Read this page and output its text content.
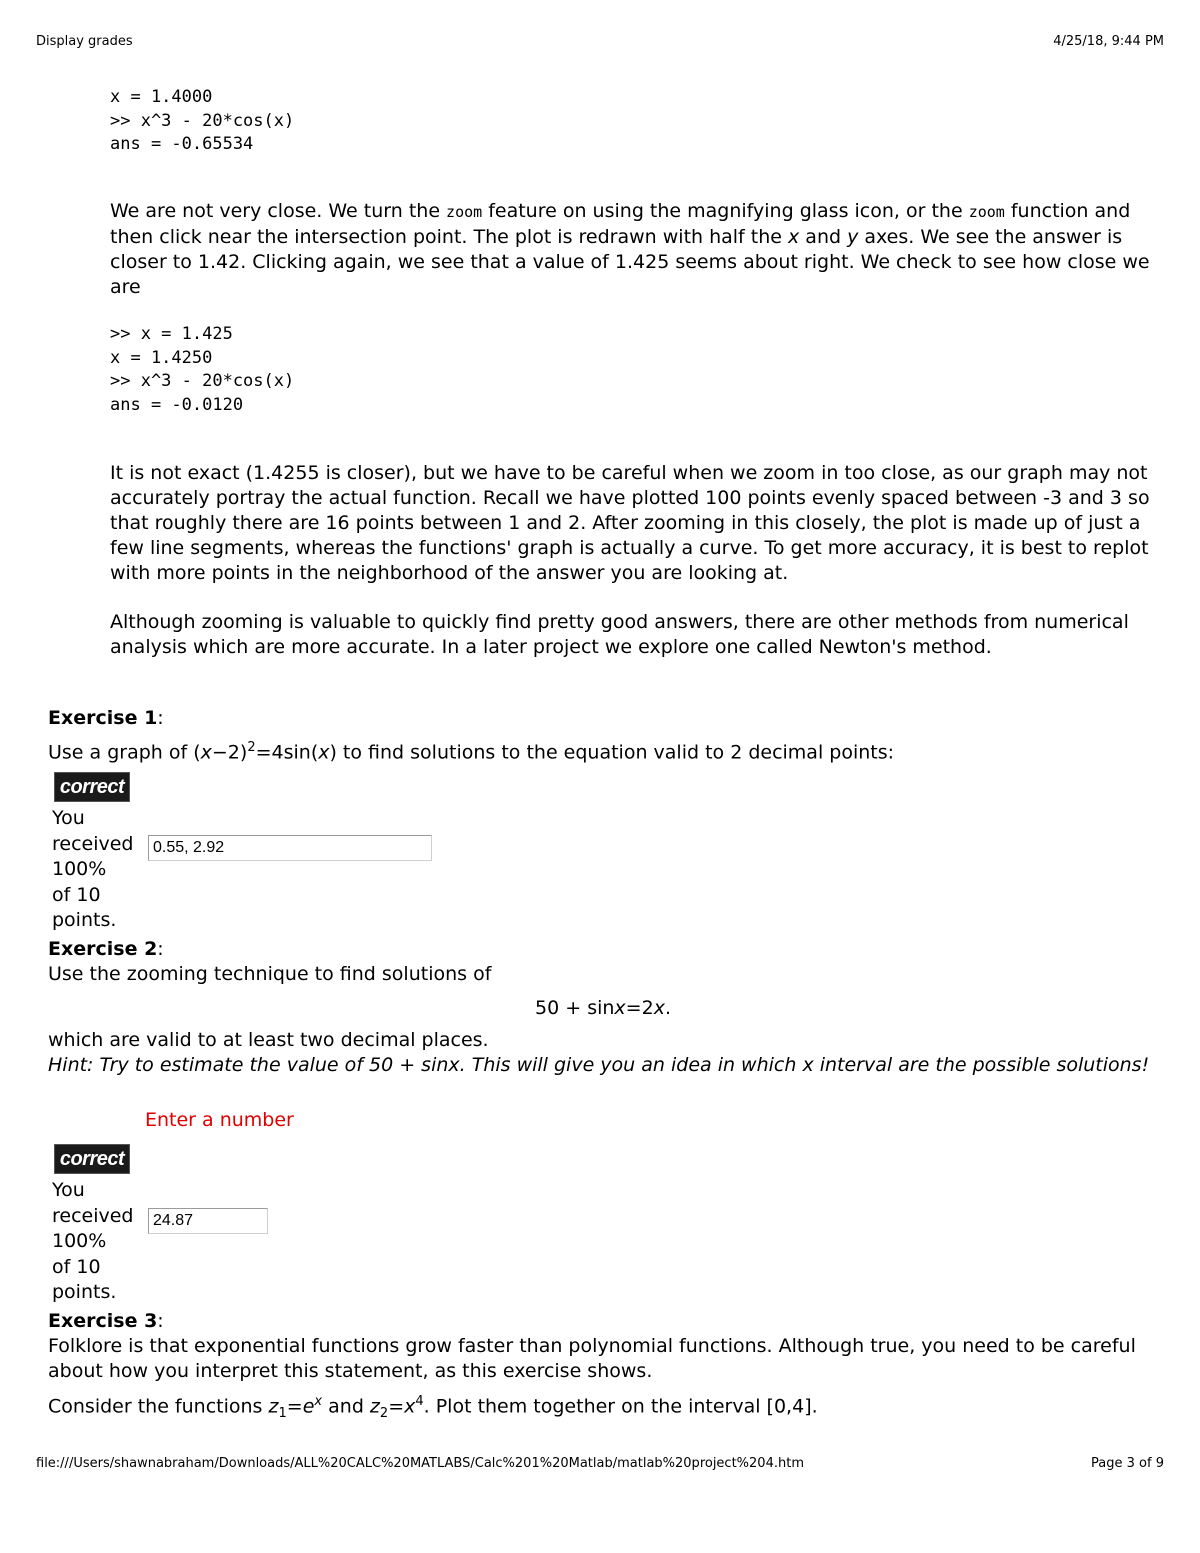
Display grades	4/25/18, 9:44 PM
x = 1.4000
>> x^3 - 20*cos(x)
ans = -0.65534

We are not very close. We turn the zoom feature on using the magnifying glass icon, or the zoom function and then click near the intersection point. The plot is redrawn with half the x and y axes. We see the answer is closer to 1.42. Clicking again, we see that a value of 1.425 seems about right. We check to see how close we are

>> x = 1.425
x = 1.4250
>> x^3 - 20*cos(x)
ans = -0.0120

It is not exact (1.4255 is closer), but we have to be careful when we zoom in too close, as our graph may not accurately portray the actual function. Recall we have plotted 100 points evenly spaced between -3 and 3 so that roughly there are 16 points between 1 and 2. After zooming in this closely, the plot is made up of just a few line segments, whereas the functions' graph is actually a curve. To get more accuracy, it is best to replot with more points in the neighborhood of the answer you are looking at.

Although zooming is valuable to quickly find pretty good answers, there are other methods from numerical analysis which are more accurate. In a later project we explore one called Newton's method.

Exercise 1:
Use a graph of $(x-2)^2=4\sin(x)$ to find solutions to the equation valid to 2 decimal points:
correct
You
received
100%
of 10
points.
0.55, 2.92
Exercise 2:
Use the zooming technique to find solutions of
50 + sinx=2x.
which are valid to at least two decimal places.
Hint: Try to estimate the value of 50 + sinx. This will give you an idea in which x interval are the possible solutions!
Enter a number
correct
You
received
100%
of 10
points.
24.87
Exercise 3:
Folklore is that exponential functions grow faster than polynomial functions. Although true, you need to be careful about how you interpret this statement, as this exercise shows.
Consider the functions $z_1=e^x$ and $z_2=x^4$. Plot them together on the interval [0,4].
file:///Users/shawnabraham/Downloads/ALL%20CALC%20MATLABS/Calc%201%20Matlab/matlab%20project%204.htm	Page 3 of 9
